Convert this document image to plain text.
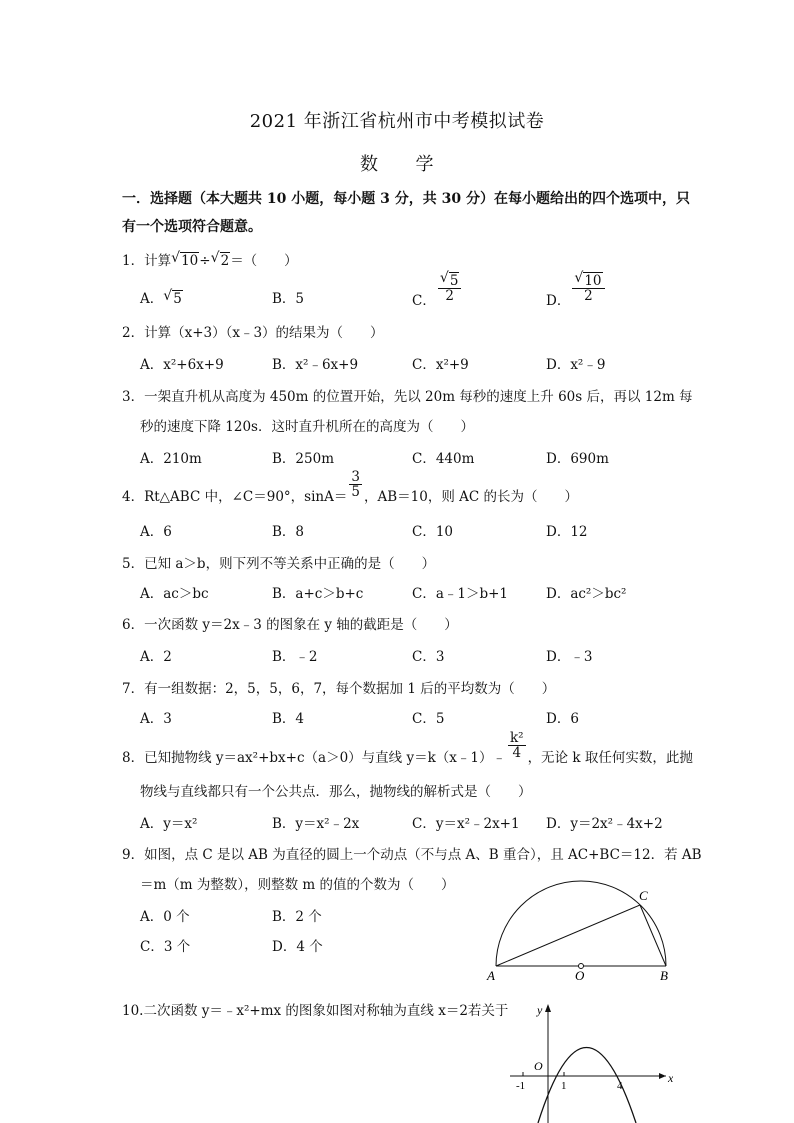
2021 年浙江省杭州市中考模拟试卷
数　　学
一．选择题（本大题共 10 小题，每小题 3 分，共 30 分）在每小题给出的四个选项中，只
有一个选项符合题意。
1．计算 √ 10÷ √ 2＝（　　）
A． √ 5	B．5	C． $\frac{√ 5}{2}$	D． $\frac{√ 10}{2}$
2．计算（x+3）（x﹣3）的结果为（　　）
A．x²+6x+9	B．x²﹣6x+9	C．x²+9	D．x²﹣9
3．一架直升机从高度为 450m 的位置开始，先以 20m 每秒的速度上升 60s 后，再以 12m 每
秒的速度下降 120s．这时直升机所在的高度为（　　）
A．210m	B．250m	C．440m	D．690m
4．Rt△ABC 中，∠C＝90°，$\sin A= \frac{3}{5}$ ，AB＝10，则 AC 的长为（　　）
A．6	B．8	C．10	D．12
5．已知 a＞b，则下列不等关系中正确的是（　　）
A．ac＞bc	B．a+c＞b+c	C．a﹣1＞b+1	D．ac²＞bc²
6．一次函数 y＝2x﹣3 的图象在 y 轴的截距是（　　）
A．2	B．﹣2	C．3	D．﹣3
7．有一组数据：2，5，5，6，7，每个数据加 1 后的平均数为（　　）
A．3	B．4	C．5	D．6
8．已知抛物线 y＝ax²+bx+c（a＞0）与直线 y＝k（x﹣1）﹣ $\frac{\text{k²}}{4}$ ，无论 k 取任何实数，此抛
物线与直线都只有一个公共点．那么，抛物线的解析式是（　　）
A．y＝x²	B．y＝x²﹣2x	C．y＝x²﹣2x+1 D．y＝2x²﹣4x+2
9．如图，点 C 是以 AB 为直径的圆上一个动点（不与点 A、B 重合），且 AC+BC＝12．若 AB
＝m（m 为整数），则整数 m 的值的个数为（　　）
A．0 个	B．2 个
C．3 个	D．4 个
A	O	B
C
10.二次函数 y＝﹣x²+mx 的图象如图对称轴为直线 x＝2若关于
x
y
O
-1	1	4
